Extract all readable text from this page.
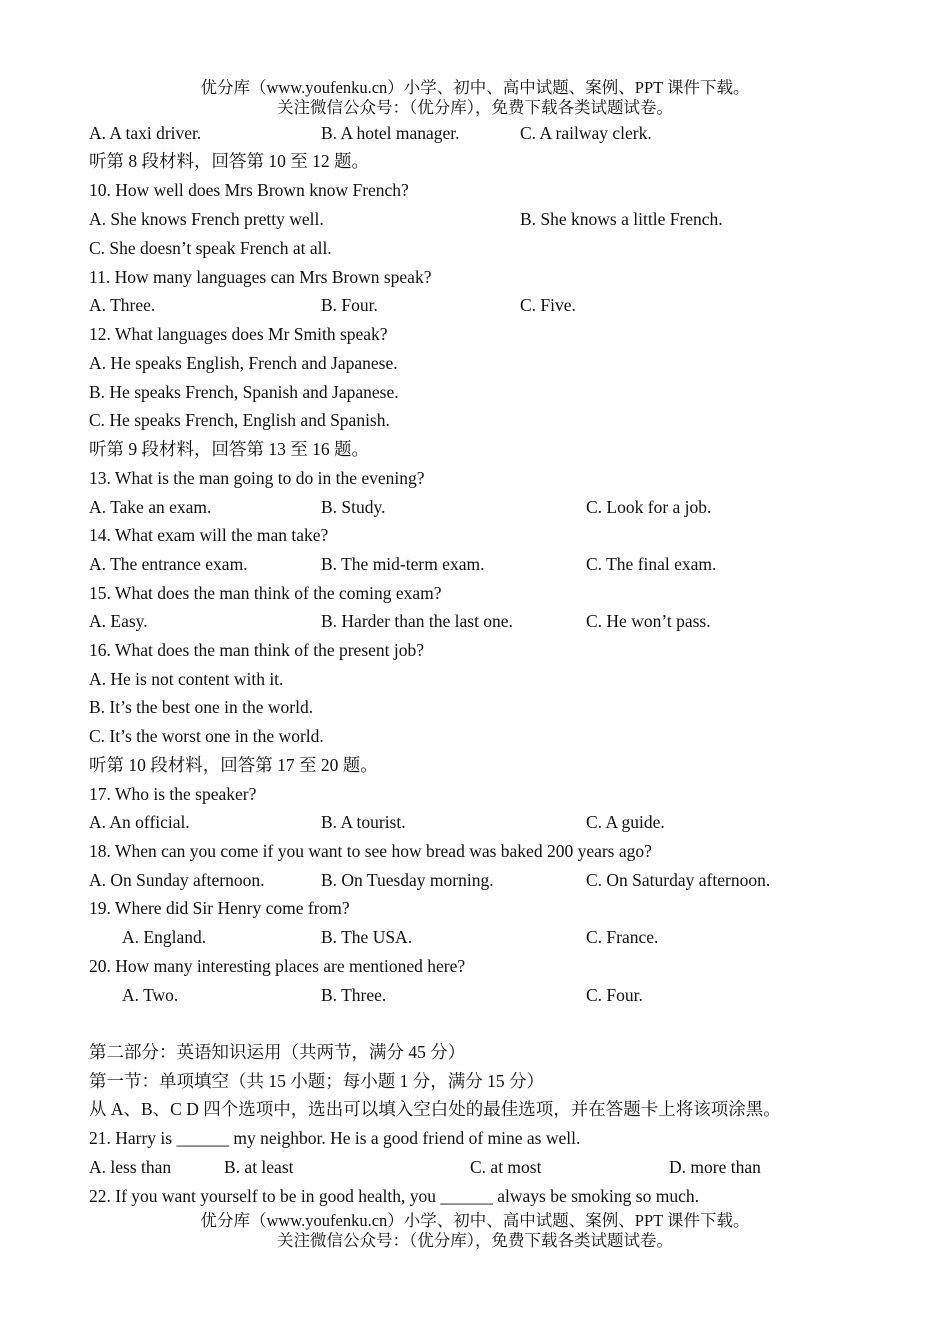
优分库（www.youfenku.cn）小学、初中、高中试题、案例、PPT 课件下载。
关注微信公众号：（优分库），免费下载各类试题试卷。
A. A taxi driver.	B. A hotel manager.	C. A railway clerk.
听第 8 段材料，回答第 10 至 12 题。
10. How well does Mrs Brown know French?
A. She knows French pretty well.	B. She knows a little French.
C. She doesn’t speak French at all.
11. How many languages can Mrs Brown speak?
A. Three.	B. Four.	C. Five.
12. What languages does Mr Smith speak?
A. He speaks English, French and Japanese.
B. He speaks French, Spanish and Japanese.
C. He speaks French, English and Spanish.
听第 9 段材料，回答第 13 至 16 题。
13. What is the man going to do in the evening?
A. Take an exam.	B. Study.	C. Look for a job.
14. What exam will the man take?
A. The entrance exam.	B. The mid-term exam.	C. The final exam.
15. What does the man think of the coming exam?
A. Easy.	B. Harder than the last one.	C. He won’t pass.
16. What does the man think of the present job?
A. He is not content with it.
B. It’s the best one in the world.
C. It’s the worst one in the world.
听第 10 段材料，回答第 17 至 20 题。
17. Who is the speaker?
A. An official.	B. A tourist.	C. A guide.
18. When can you come if you want to see how bread was baked 200 years ago?
A. On Sunday afternoon.	B. On Tuesday morning.	C. On Saturday afternoon.
19. Where did Sir Henry come from?
A. England.	B. The USA.	C. France.
20. How many interesting places are mentioned here?
A. Two.	B. Three.	C. Four.
第二部分：英语知识运用（共两节，满分 45 分）
第一节：单项填空（共 15 小题；每小题 1 分，满分 15 分）
从 A、B、C D 四个选项中，选出可以填入空白处的最佳选项，并在答题卡上将该项涂黑。
21. Harry is ______ my neighbor. He is a good friend of mine as well.
A. less than	B. at least	C. at most	D. more than
22. If you want yourself to be in good health, you ______ always be smoking so much.
优分库（www.youfenku.cn）小学、初中、高中试题、案例、PPT 课件下载。
关注微信公众号：（优分库），免费下载各类试题试卷。
